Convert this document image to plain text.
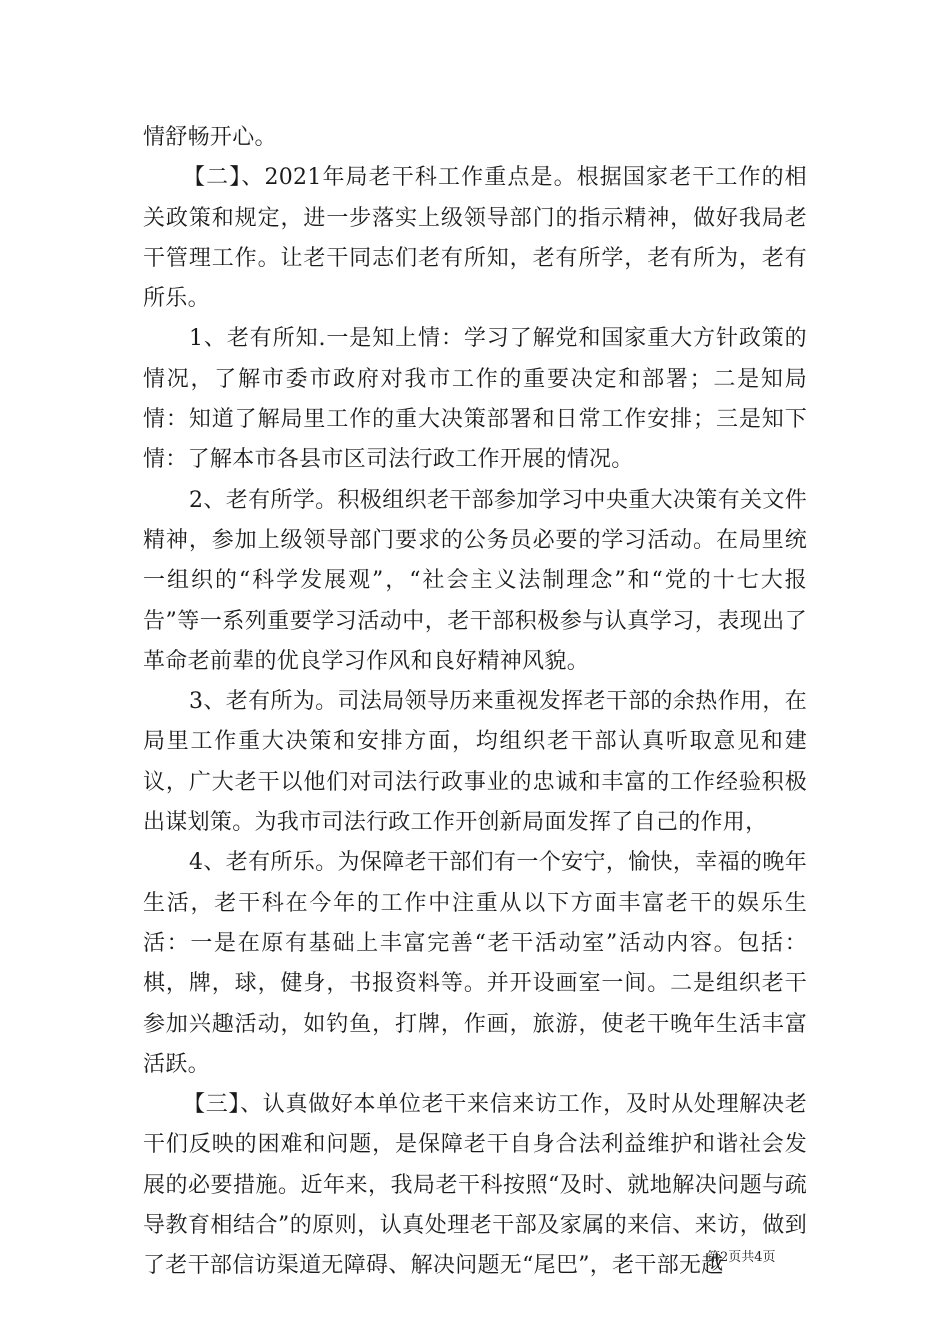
情舒畅开心。

【二】、2021年局老干科工作重点是。根据国家老干工作的相关政策和规定，进一步落实上级领导部门的指示精神，做好我局老干管理工作。让老干同志们老有所知，老有所学，老有所为，老有所乐。

1、老有所知.一是知上情：学习了解党和国家重大方针政策的情况，了解市委市政府对我市工作的重要决定和部署；二是知局情：知道了解局里工作的重大决策部署和日常工作安排；三是知下情：了解本市各县市区司法行政工作开展的情况。

2、老有所学。积极组织老干部参加学习中央重大决策有关文件精神，参加上级领导部门要求的公务员必要的学习活动。在局里统一组织的“科学发展观”，“社会主义法制理念”和“党的十七大报告”等一系列重要学习活动中，老干部积极参与认真学习，表现出了革命老前辈的优良学习作风和良好精神风貌。

3、老有所为。司法局领导历来重视发挥老干部的余热作用，在局里工作重大决策和安排方面，均组织老干部认真听取意见和建议，广大老干以他们对司法行政事业的忠诚和丰富的工作经验积极出谋划策。为我市司法行政工作开创新局面发挥了自己的作用，

4、老有所乐。为保障老干部们有一个安宁，愉快，幸福的晚年生活，老干科在今年的工作中注重从以下方面丰富老干的娱乐生活：一是在原有基础上丰富完善“老干活动室”活动内容。包括：棋，牌，球，健身，书报资料等。并开设画室一间。二是组织老干参加兴趣活动，如钓鱼，打牌，作画，旅游，使老干晚年生活丰富活跃。

【三】、认真做好本单位老干来信来访工作，及时从处理解决老干们反映的困难和问题，是保障老干自身合法利益维护和谐社会发展的必要措施。近年来，我局老干科按照“及时、就地解决问题与疏导教育相结合”的原则，认真处理老干部及家属的来信、来访，做到了老干部信访渠道无障碍、解决问题无“尾巴”，老干部无越

第2页共4页
